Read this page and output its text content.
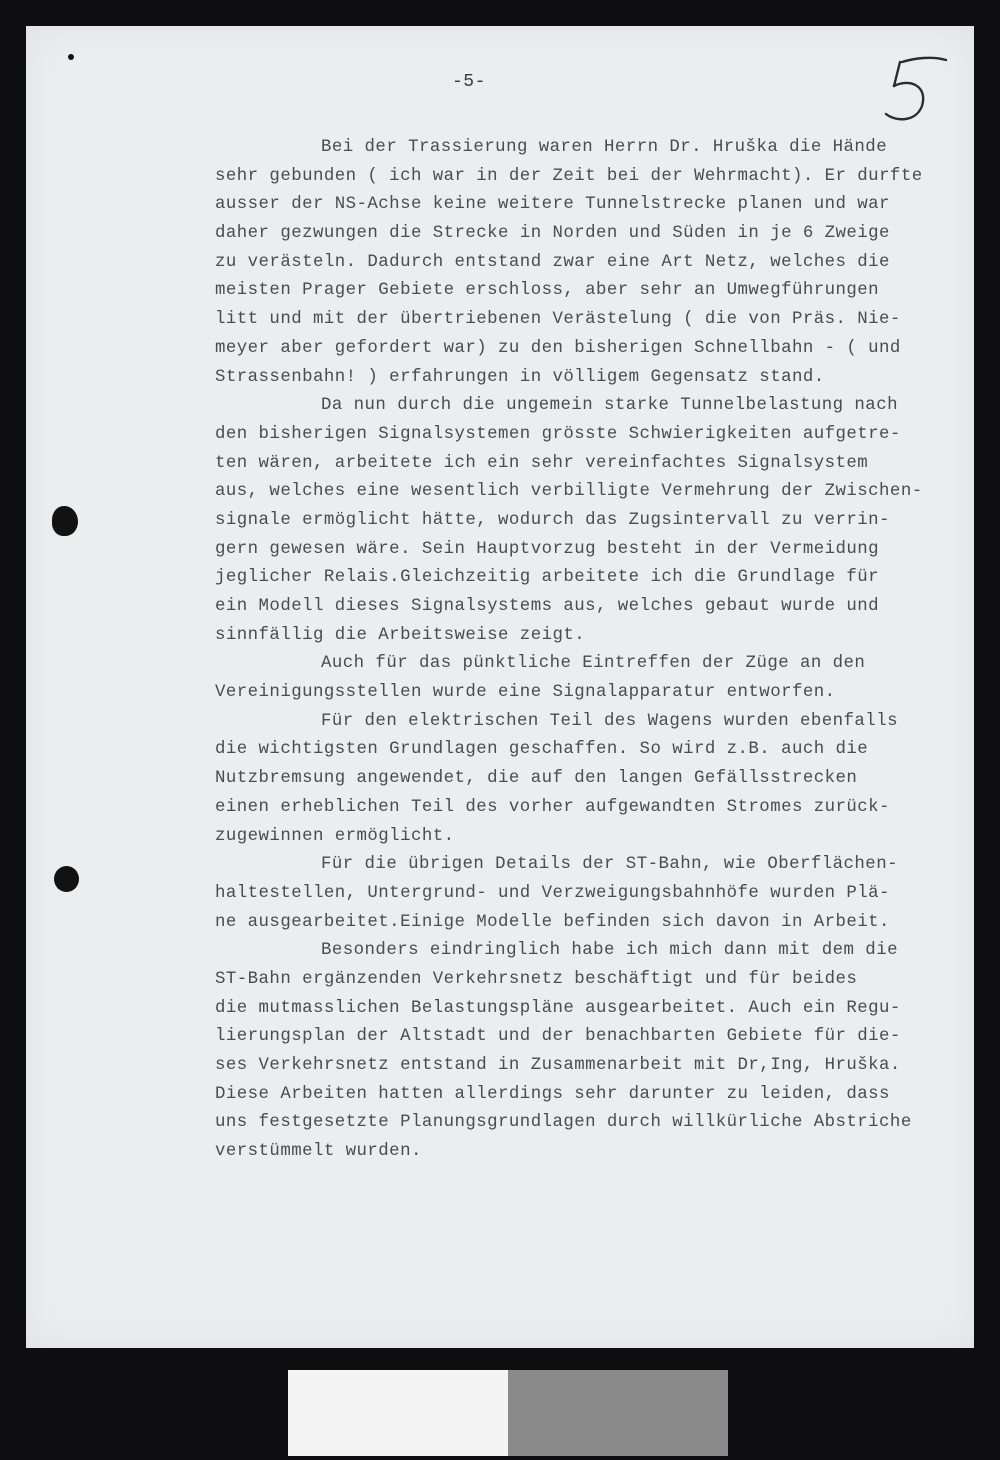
-5-
Bei der Trassierung waren Herrn Dr. Hruška die Hände
sehr gebunden ( ich war in der Zeit bei der Wehrmacht). Er durfte
ausser der NS-Achse keine weitere Tunnelstrecke planen und war
daher gezwungen die Strecke in Norden und Süden in je 6 Zweige
zu verästeln. Dadurch entstand zwar eine Art Netz, welches die
meisten Prager Gebiete erschloss, aber sehr an Umwegführungen
litt und mit der übertriebenen Verästelung ( die von Präs. Nie-
meyer aber gefordert war) zu den bisherigen Schnellbahn - ( und
Strassenbahn! ) erfahrungen in völligem Gegensatz stand.
Da nun durch die ungemein starke Tunnelbelastung nach
den bisherigen Signalsystemen grösste Schwierigkeiten aufgetre-
ten wären, arbeitete ich ein sehr vereinfachtes Signalsystem
aus, welches eine wesentlich verbilligte Vermehrung der Zwischen-
signale ermöglicht hätte, wodurch das Zugsintervall zu verrin-
gern gewesen wäre. Sein Hauptvorzug besteht in der Vermeidung
jeglicher Relais.Gleichzeitig arbeitete ich die Grundlage für
ein Modell dieses Signalsystems aus, welches gebaut wurde und
sinnfällig die Arbeitsweise zeigt.
Auch für das pünktliche Eintreffen der Züge an den
Vereinigungsstellen wurde eine Signalapparatur entworfen.
Für den elektrischen Teil des Wagens wurden ebenfalls
die wichtigsten Grundlagen geschaffen. So wird z.B. auch die
Nutzbremsung angewendet, die auf den langen Gefällsstrecken
einen erheblichen Teil des vorher aufgewandten Stromes zurück-
zugewinnen ermöglicht.
Für die übrigen Details der ST-Bahn, wie Oberflächen-
haltestellen, Untergrund- und Verzweigungsbahnhöfe wurden Plä-
ne ausgearbeitet.Einige Modelle befinden sich davon in Arbeit.
Besonders eindringlich habe ich mich dann mit dem die
ST-Bahn ergänzenden Verkehrsnetz beschäftigt und für beides
die mutmasslichen Belastungspläne ausgearbeitet. Auch ein Regu-
lierungsplan der Altstadt und der benachbarten Gebiete für die-
ses Verkehrsnetz entstand in Zusammenarbeit mit Dr,Ing, Hruška.
Diese Arbeiten hatten allerdings sehr darunter zu leiden, dass
uns festgesetzte Planungsgrundlagen durch willkürliche Abstriche
verstümmelt wurden.
